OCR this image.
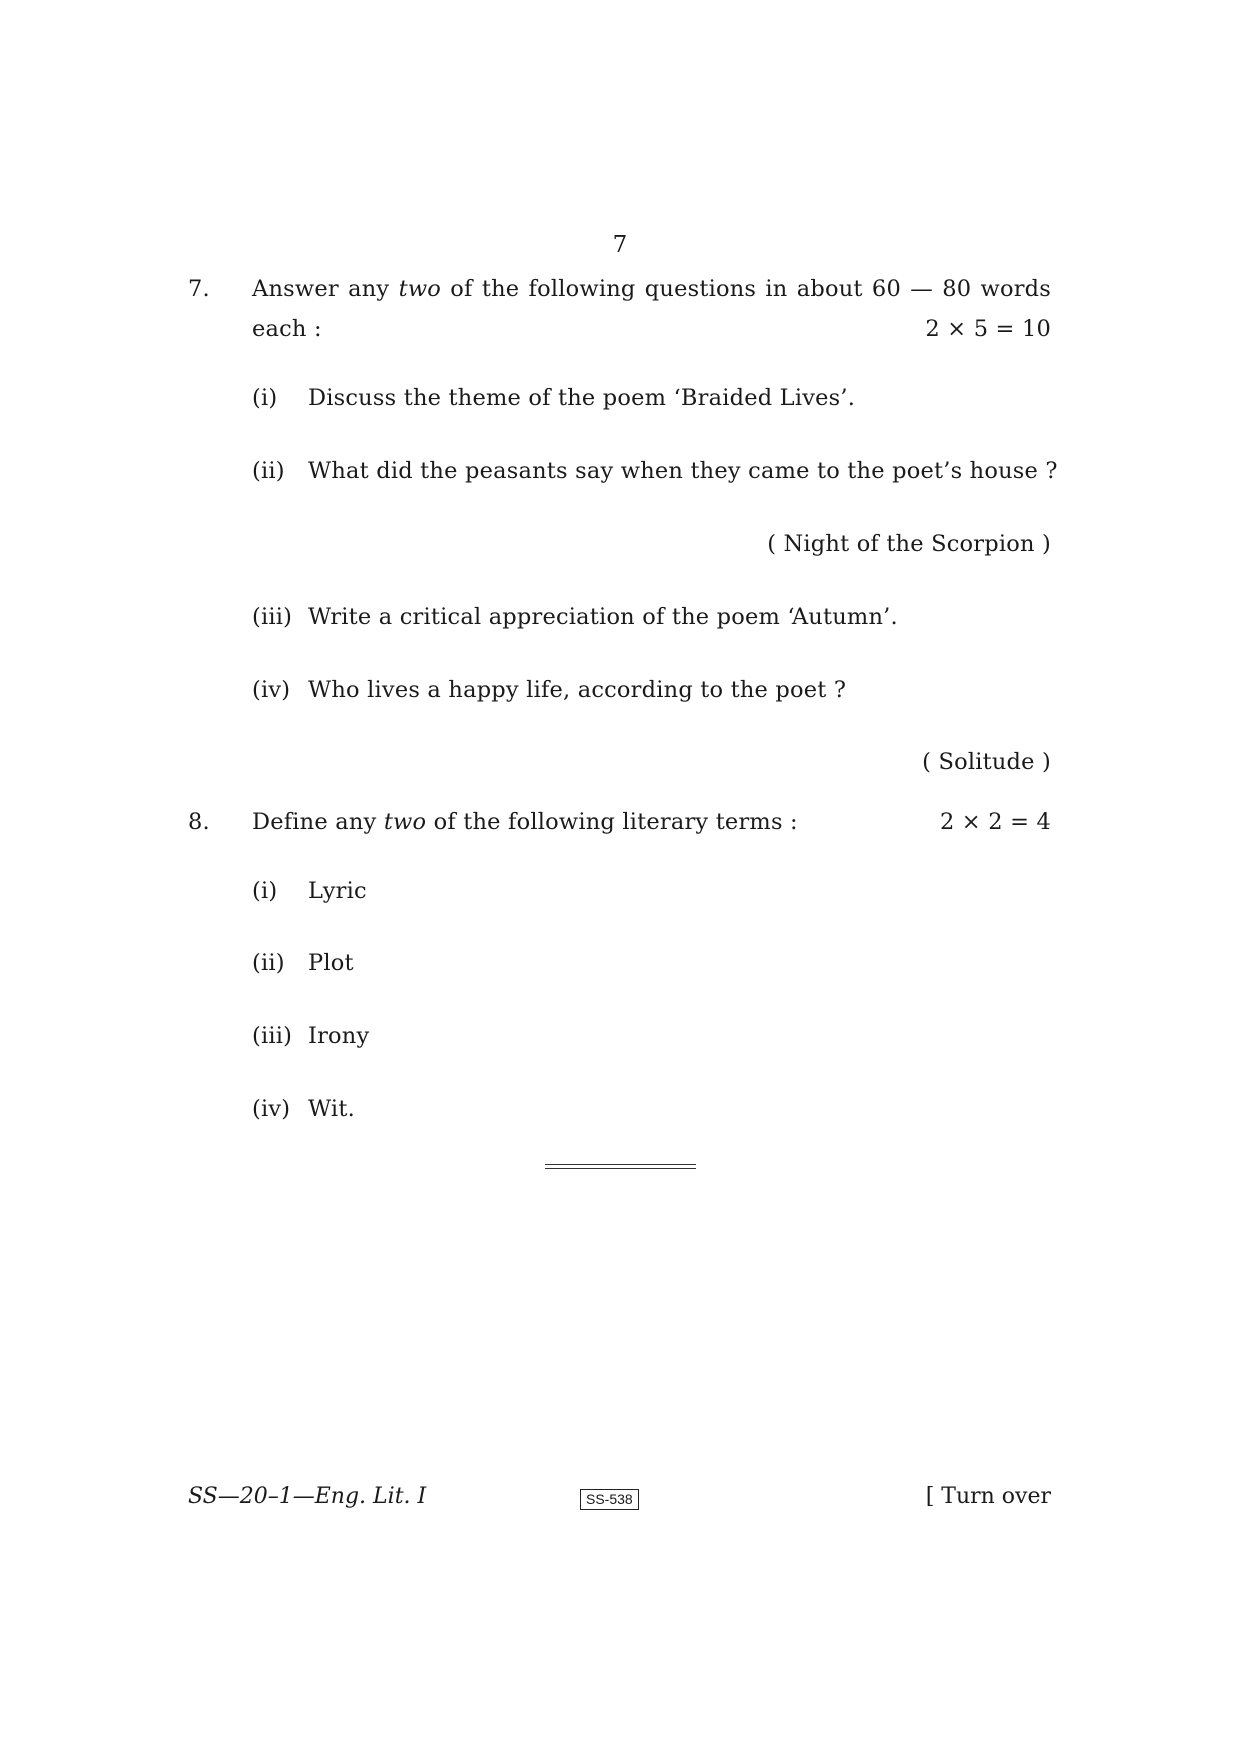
7
7. Answer any two of the following questions in about 60 — 80 words
each :	2 × 5 = 10
(i) Discuss the theme of the poem ‘Braided Lives’.
(ii) What did the peasants say when they came to the poet’s house ?
( Night of the Scorpion )
(iii) Write a critical appreciation of the poem ‘Autumn’.
(iv) Who lives a happy life, according to the poet ?
( Solitude )
8. Define any two of the following literary terms :	2 × 2 = 4
(i) Lyric
(ii) Plot
(iii) Irony
(iv) Wit.
SS—20–1—Eng. Lit. I	SS-538	[ Turn over
